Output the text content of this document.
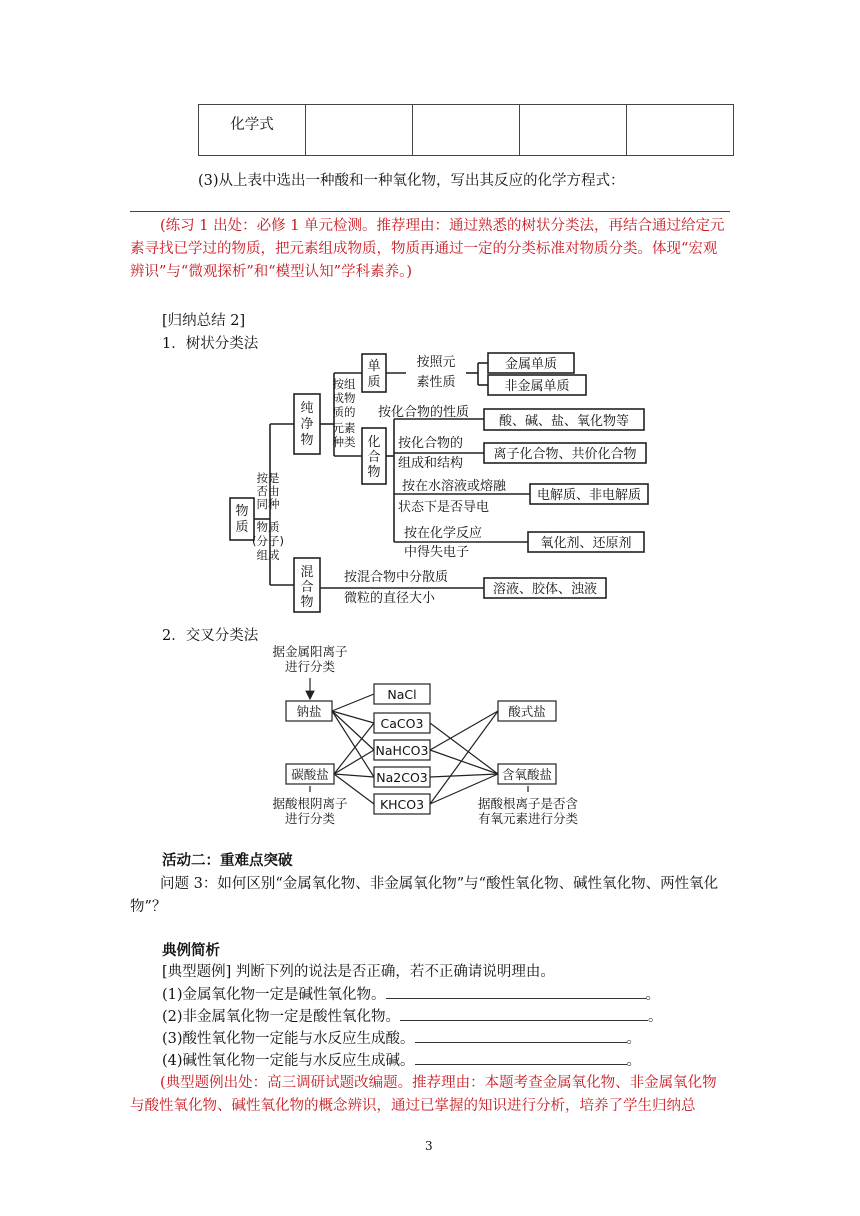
化学式				
(3)从上表中选出一种酸和一种氧化物，写出其反应的化学方程式：
(练习 1 出处：必修 1 单元检测。推荐理由：通过熟悉的树状分类法，再结合通过给定元素寻找已学过的物质，把元素组成物质，物质再通过一定的分类标准对物质分类。体现“宏观辨识”与“微观探析”和“模型认知”学科素养。)
[归纳总结 2]
1．树状分类法
物
质
按是
否由
同种
物质
(分子)
组成
纯
净
物
按组
成物
质的
元素
种类
单
质
按照元
素性质
金属单质
非金属单质
化
合
物
按化合物的性质
酸、碱、盐、氧化物等
按化合物的
组成和结构
离子化合物、共价化合物
按在水溶液或熔融
状态下是否导电
电解质、非电解质
按在化学反应
中得失电子
氧化剂、还原剂
混
合
物
按混合物中分散质
微粒的直径大小
溶液、胶体、浊液
2．交叉分类法
据金属阳离子
进行分类
钠盐
碳酸盐
据酸根阴离子
进行分类
NaCl
CaCO3
NaHCO3
Na2CO3
KHCO3
酸式盐
含氧酸盐
据酸根离子是否含
有氧元素进行分类
活动二：重难点突破
问题 3：如何区别“金属氧化物、非金属氧化物”与“酸性氧化物、碱性氧化物、两性氧化物”？
典例简析
[典型题例] 判断下列的说法是否正确，若不正确请说明理由。
(1)金属氧化物一定是碱性氧化物。	。
(2)非金属氧化物一定是酸性氧化物。	。
(3)酸性氧化物一定能与水反应生成酸。	。
(4)碱性氧化物一定能与水反应生成碱。	。
(典型题例出处：高三调研试题改编题。推荐理由：本题考查金属氧化物、非金属氧化物与酸性氧化物、碱性氧化物的概念辨识，通过已掌握的知识进行分析，培养了学生归纳总
3
